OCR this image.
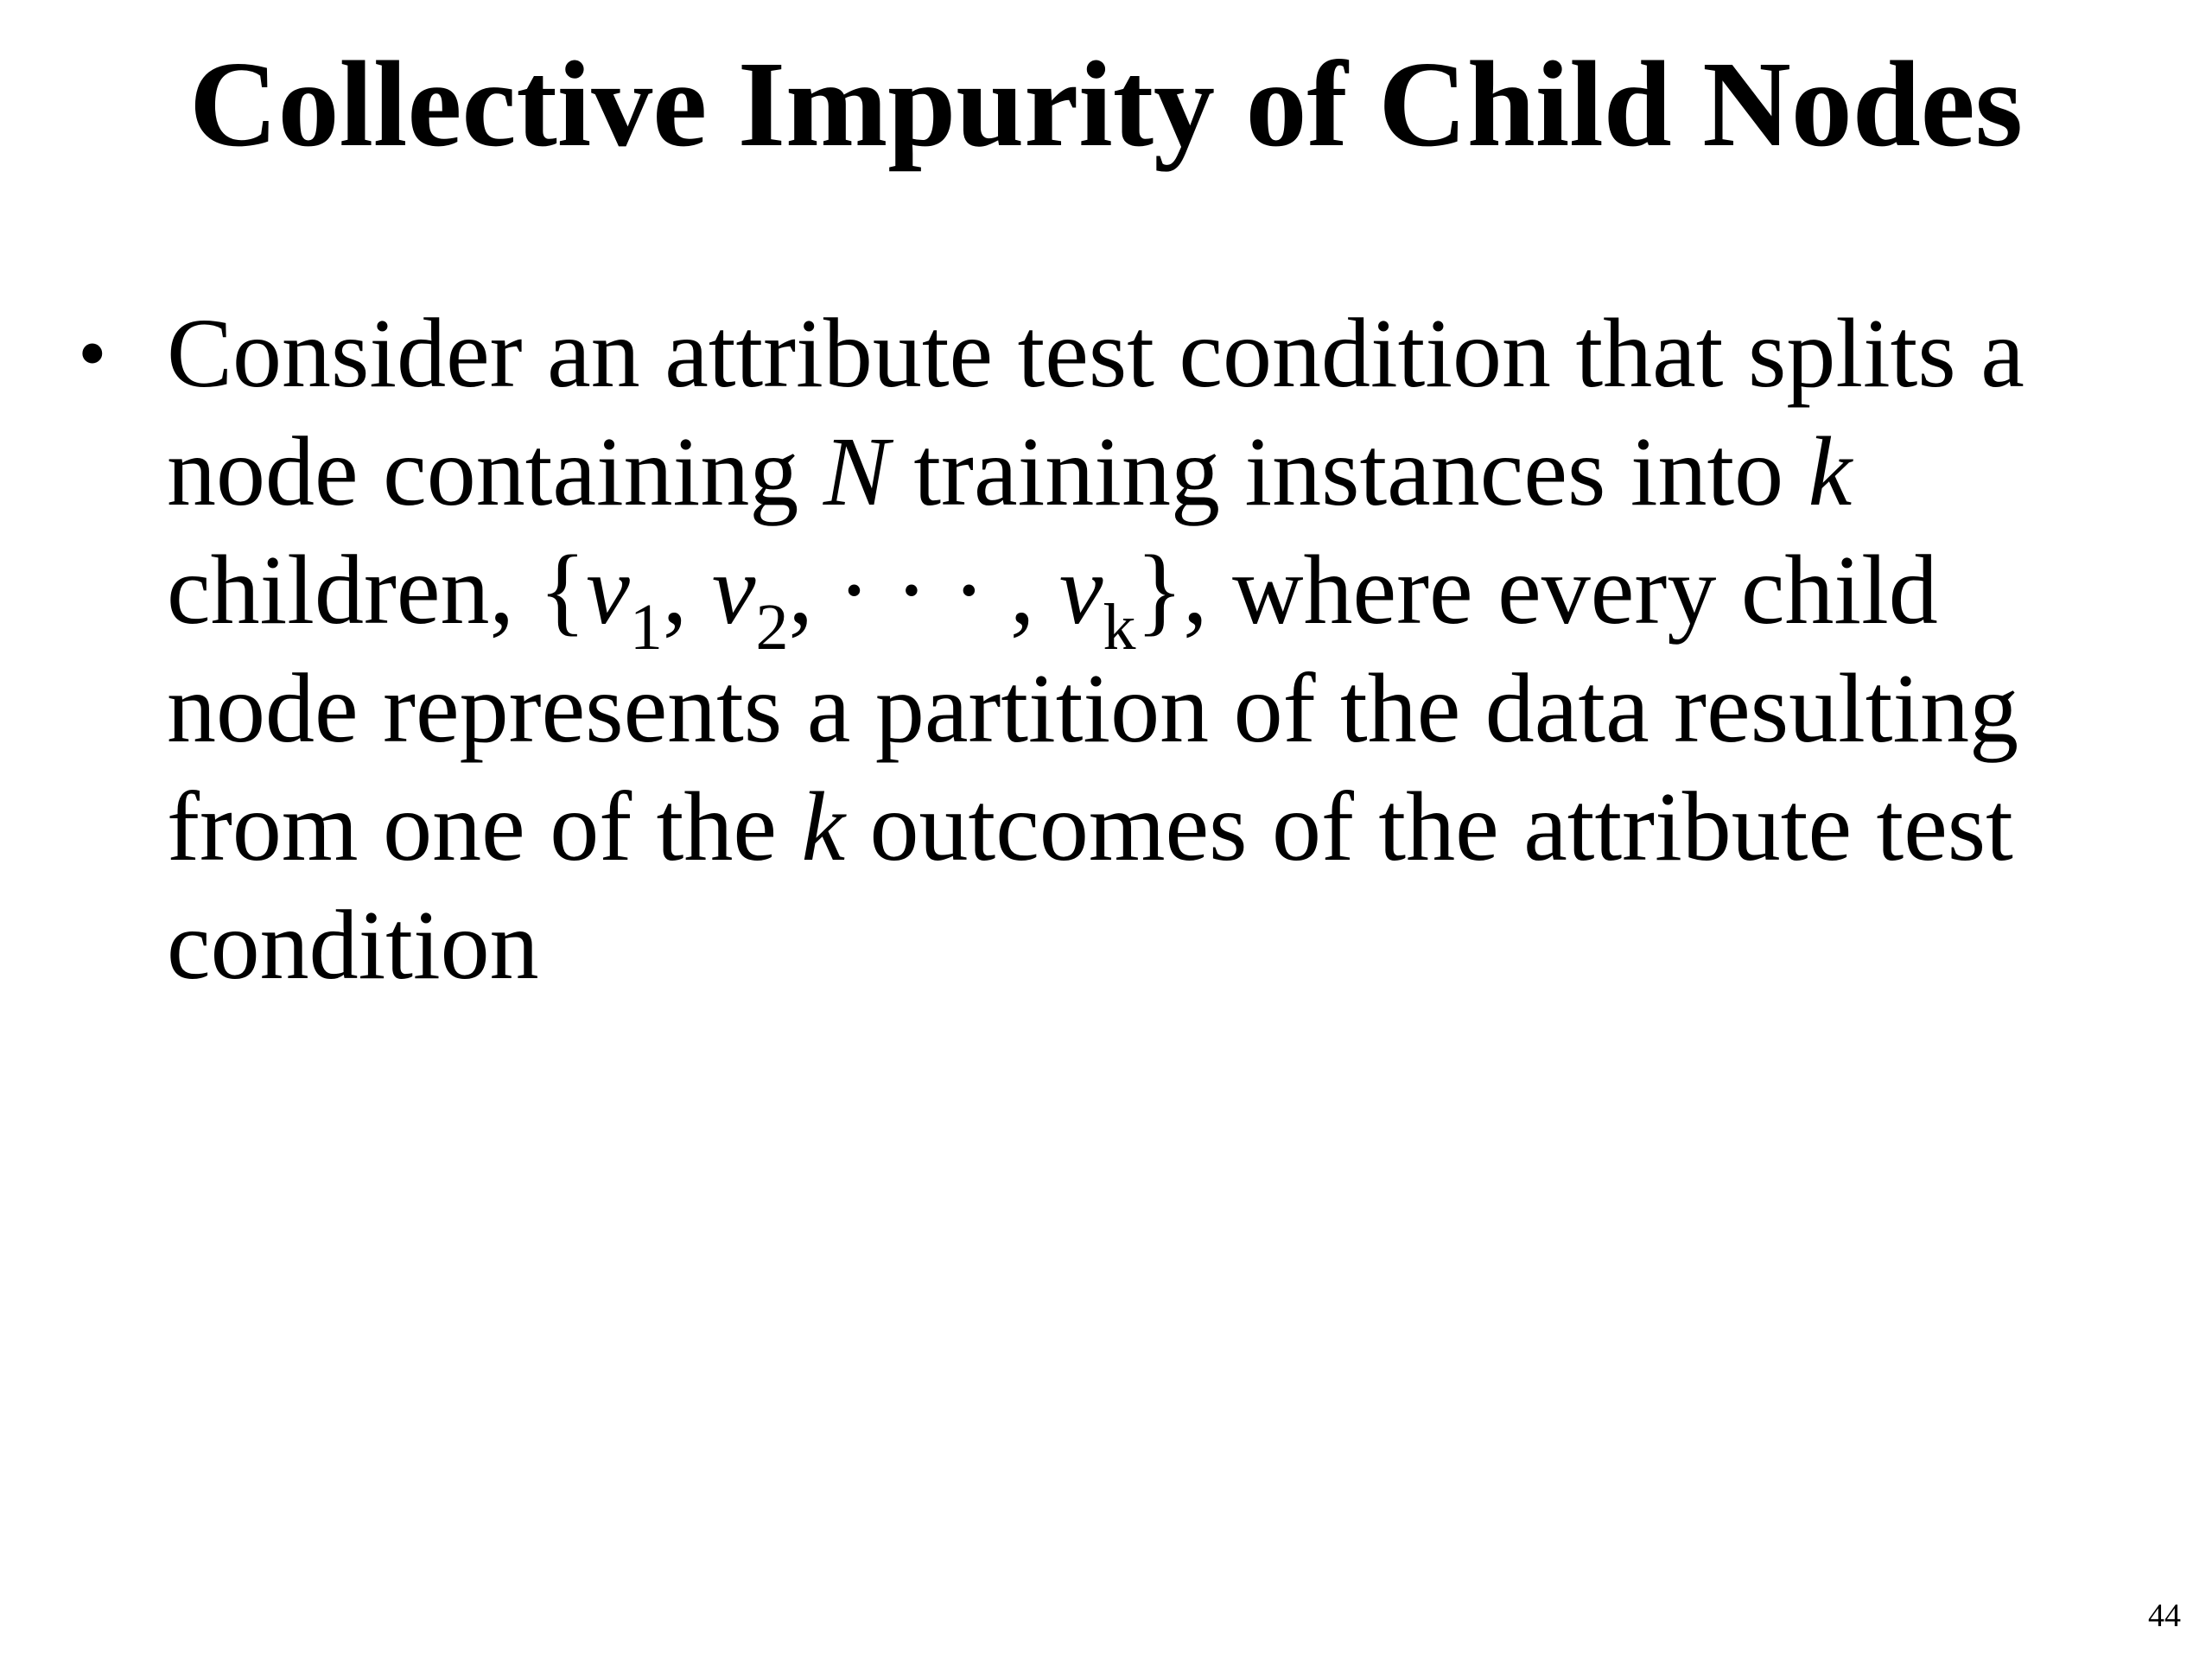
Collective Impurity of Child Nodes
• Consider an attribute test condition that splits a
node containing N training instances into k
children, {$v_1$, $v_2$, · · · , $v_k$}, where every child
node represents a partition of the data resulting
from one of the k outcomes of the attribute test
condition
44
